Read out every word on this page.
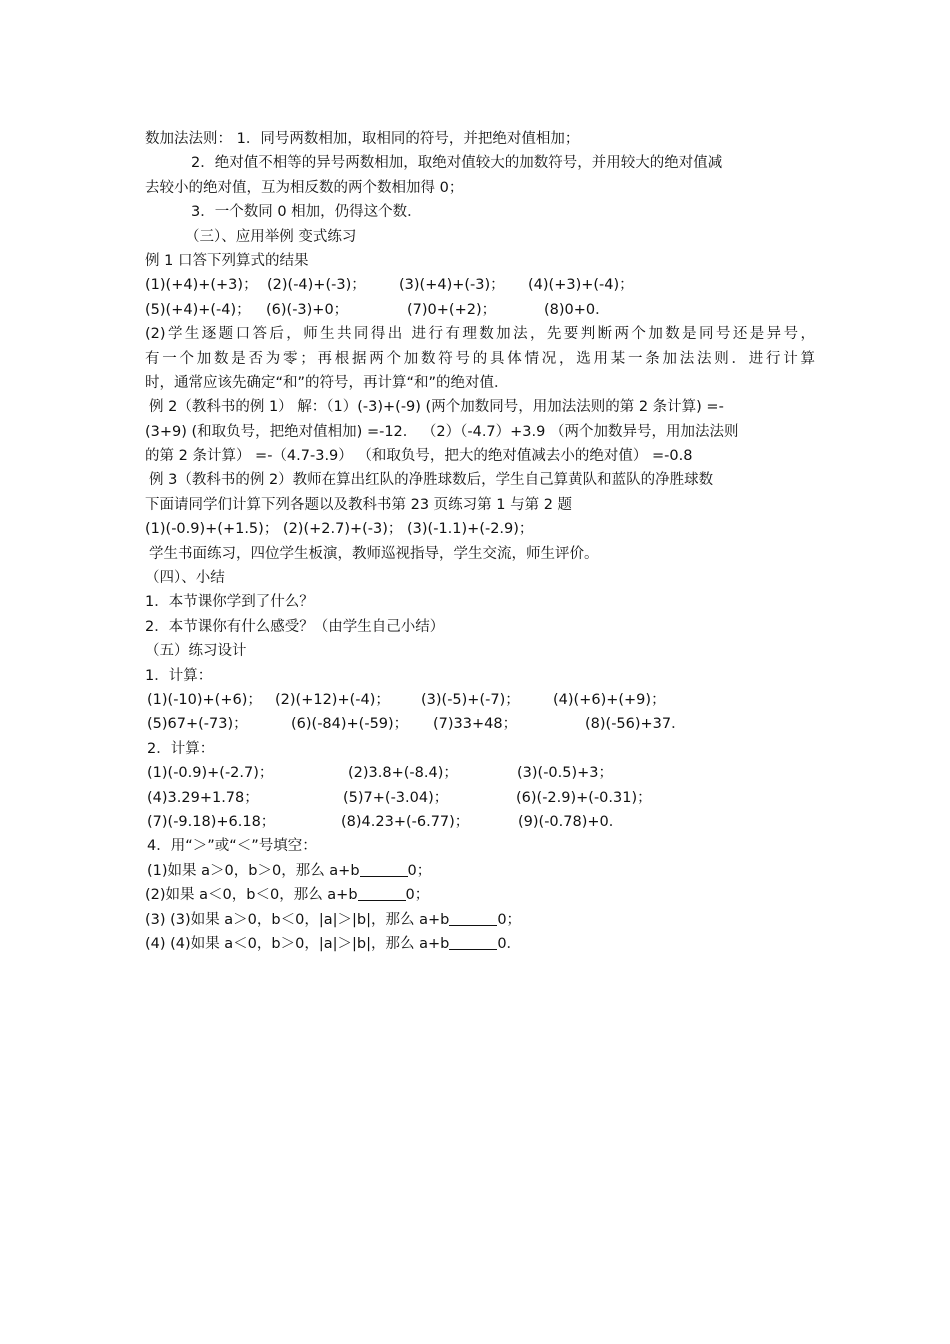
数加法法则： 1．同号两数相加，取相同的符号，并把绝对值相加；
2．绝对值不相等的异号两数相加，取绝对值较大的加数符号，并用较大的绝对值减
去较小的绝对值，互为相反数的两个数相加得 0；
3．一个数同 0 相加，仍得这个数．
（三）、应用举例 变式练习
例 1 口答下列算式的结果
(1)(+4)+(+3)； (2)(-4)+(-3)； (3)(+4)+(-3)； (4)(+3)+(-4)；
(5)(+4)+(-4)； (6)(-3)+0；	(7)0+(+2)；	(8)0+0．
(2)学生逐题口答后，师生共同得出 进行有理数加法，先要判断两个加数是同号还是异号，
有一个加数是否为零；再根据两个加数符号的具体情况，选用某一条加法法则．进行计算
时，通常应该先确定“和”的符号，再计算“和”的绝对值．
例 2（教科书的例 1） 解：（1）(-3)+(-9) (两个加数同号，用加法法则的第 2 条计算) =-
(3+9) (和取负号，把绝对值相加) =-12． （2）（-4.7）+3.9 （两个加数异号，用加法法则
的第 2 条计算） =-（4.7-3.9） （和取负号，把大的绝对值减去小的绝对值） =-0.8
例 3（教科书的例 2）教师在算出红队的净胜球数后，学生自己算黄队和蓝队的净胜球数
下面请同学们计算下列各题以及教科书第 23 页练习第 1 与第 2 题
(1)(-0.9)+(+1.5)； (2)(+2.7)+(-3)； (3)(-1.1)+(-2.9)；
学生书面练习，四位学生板演，教师巡视指导，学生交流，师生评价。
（四）、小结
1．本节课你学到了什么？
2．本节课你有什么感受？（由学生自己小结）
（五）练习设计
1．计算：
(1)(-10)+(+6)； (2)(+12)+(-4)； (3)(-5)+(-7)； (4)(+6)+(+9)；
(5)67+(-73)；	(6)(-84)+(-59)； (7)33+48；	(8)(-56)+37．
2．计算：
(1)(-0.9)+(-2.7)；	(2)3.8+(-8.4)；	(3)(-0.5)+3；
(4)3.29+1.78；	(5)7+(-3.04)；	(6)(-2.9)+(-0.31)；
(7)(-9.18)+6.18；	(8)4.23+(-6.77)；	(9)(-0.78)+0．
4．用“＞”或“＜”号填空：
(1)如果 a＞0，b＞0，那么 a+b	0；
(2)如果 a＜0，b＜0，那么 a+b	0；
(3) (3)如果 a＞0，b＜0，|a|＞|b|，那么 a+b	0；
(4) (4)如果 a＜0，b＞0，|a|＞|b|，那么 a+b	0．
